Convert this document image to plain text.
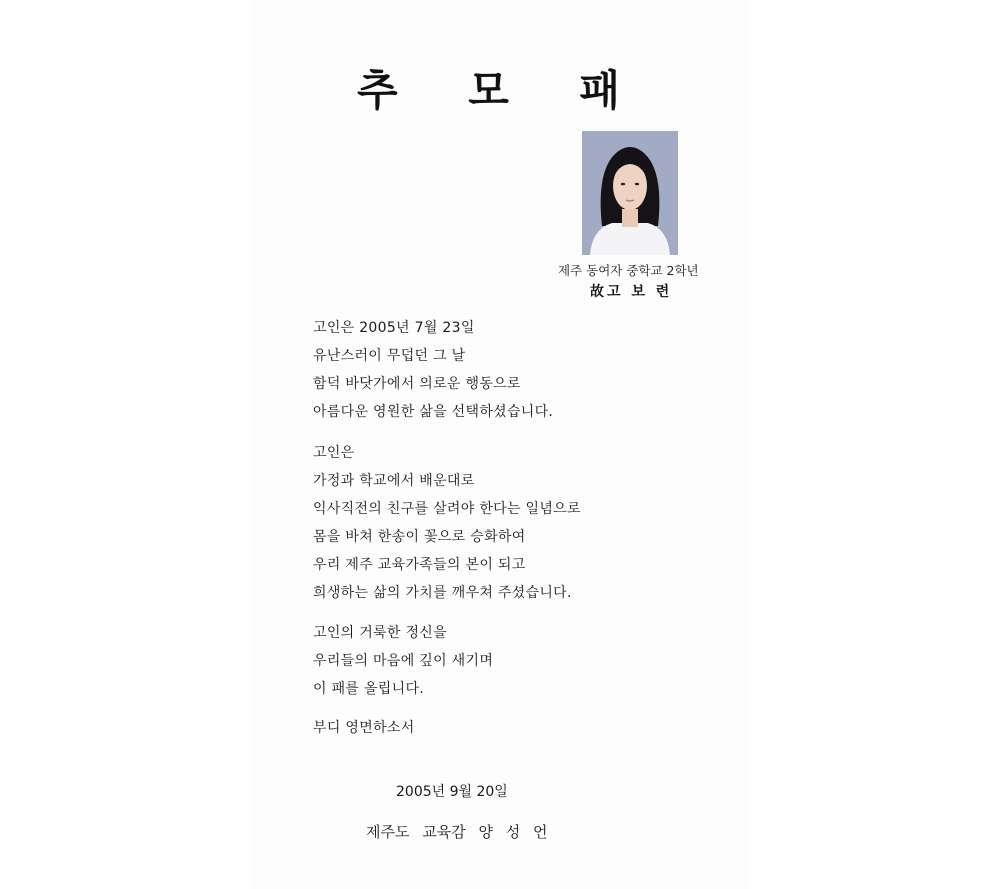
추 모 패
제주 동여자 중학교 2학년
故고 보 련
고인은 2005년 7월 23일
유난스러이 무덥던 그 날
함덕 바닷가에서 의로운 행동으로
아름다운 영원한 삶을 선택하셨습니다.
고인은
가정과 학교에서 배운대로
익사직전의 친구를 살려야 한다는 일념으로
몸을 바쳐 한송이 꽃으로 승화하여
우리 제주 교육가족들의 본이 되고
희생하는 삶의 가치를 깨우쳐 주셨습니다.
고인의 거룩한 정신을
우리들의 마음에 깊이 새기며
이 패를 올립니다.
부디 영면하소서
2005년 9월 20일
제주도 교육감 양 성 언
